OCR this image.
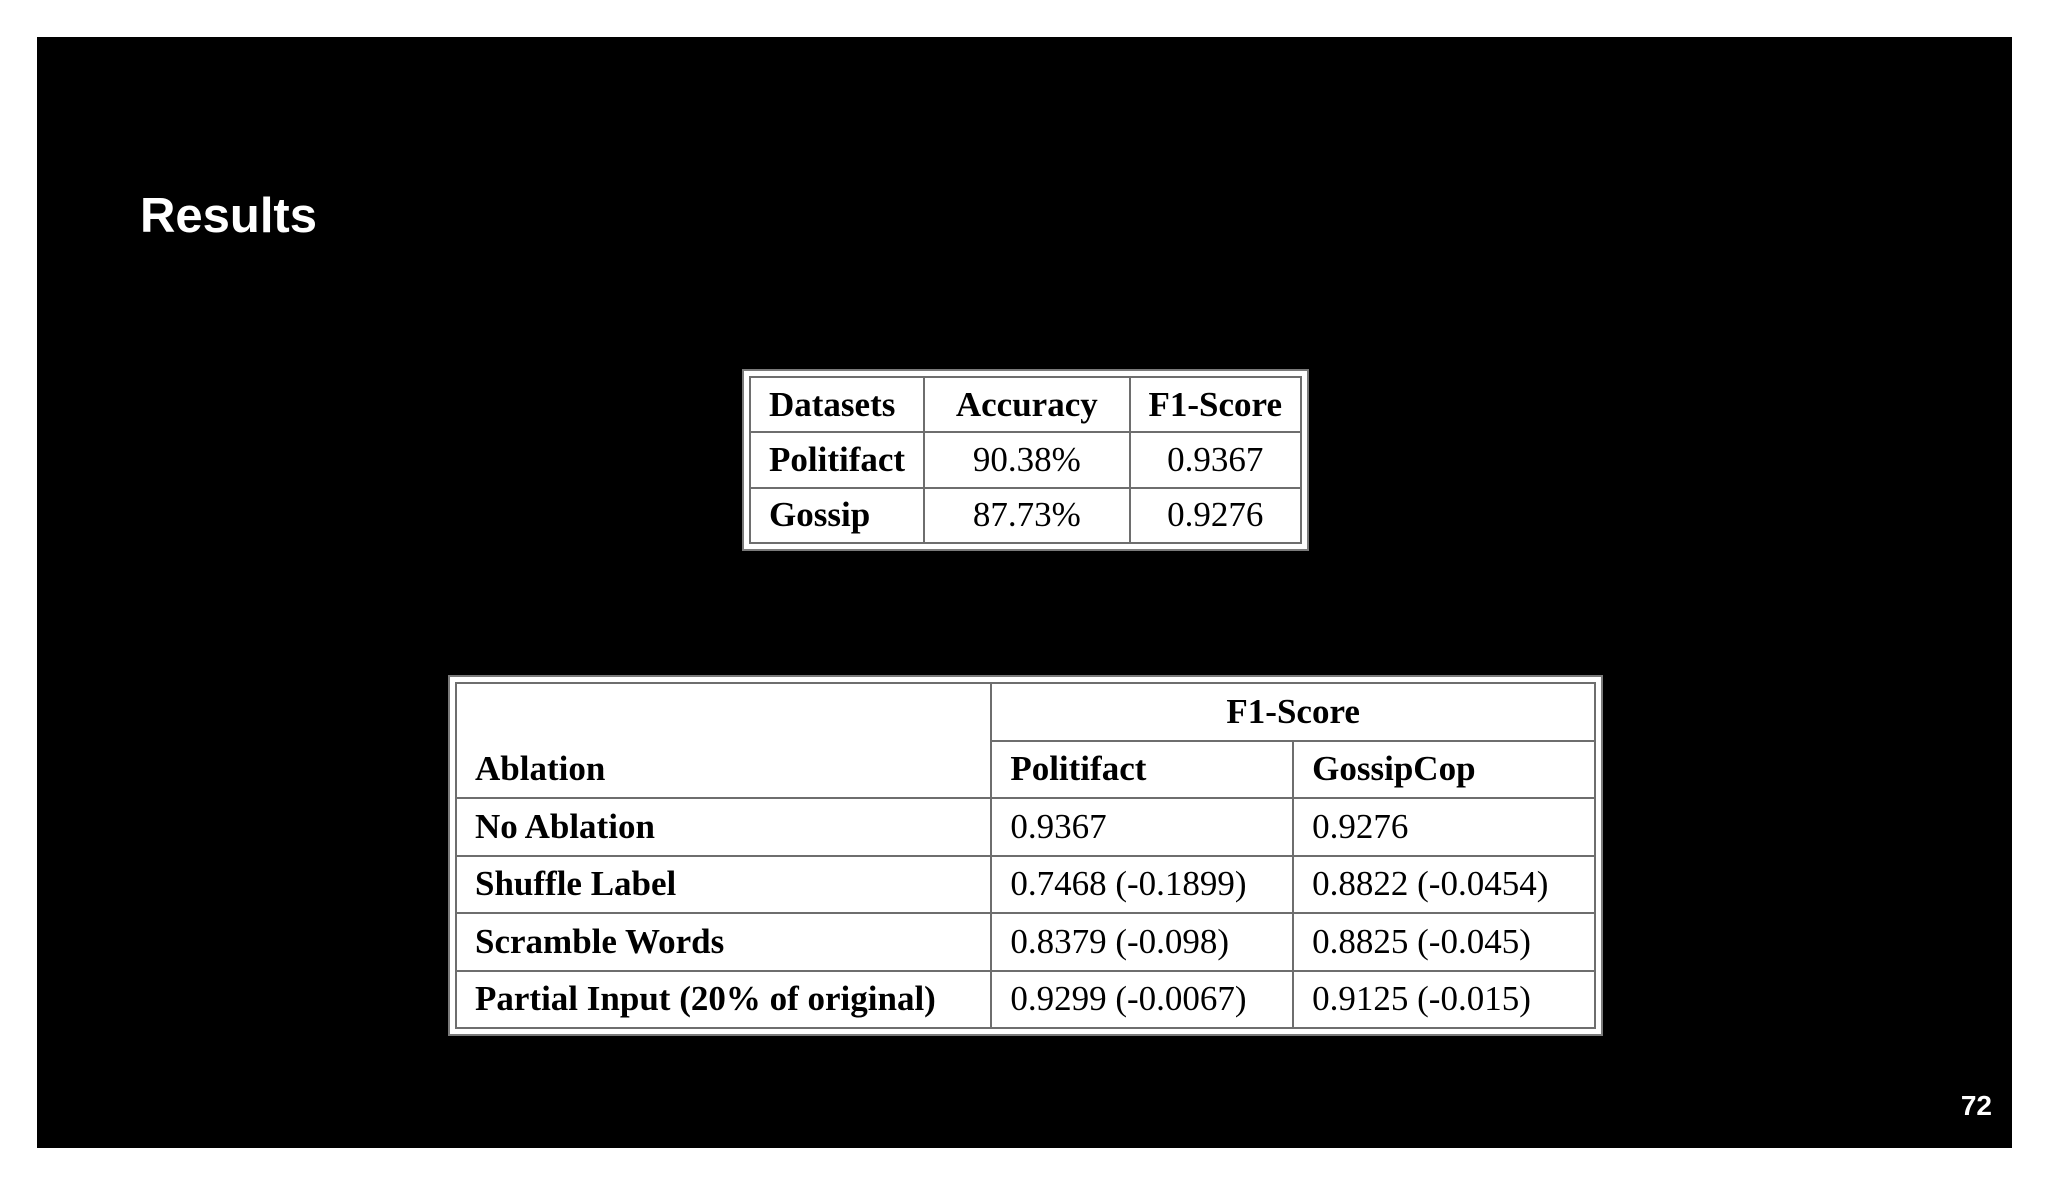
Results
Datasets	Accuracy	F1-Score
Politifact	90.38%	0.9367
Gossip	87.73%	0.9276
	F1-Score	
Ablation	Politifact	GossipCop
No Ablation	0.9367	0.9276
Shuffle Label	0.7468 (-0.1899)	0.8822 (-0.0454)
Scramble Words	0.8379 (-0.098)	0.8825 (-0.045)
Partial Input (20% of original)	0.9299 (-0.0067)	0.9125 (-0.015)
72
